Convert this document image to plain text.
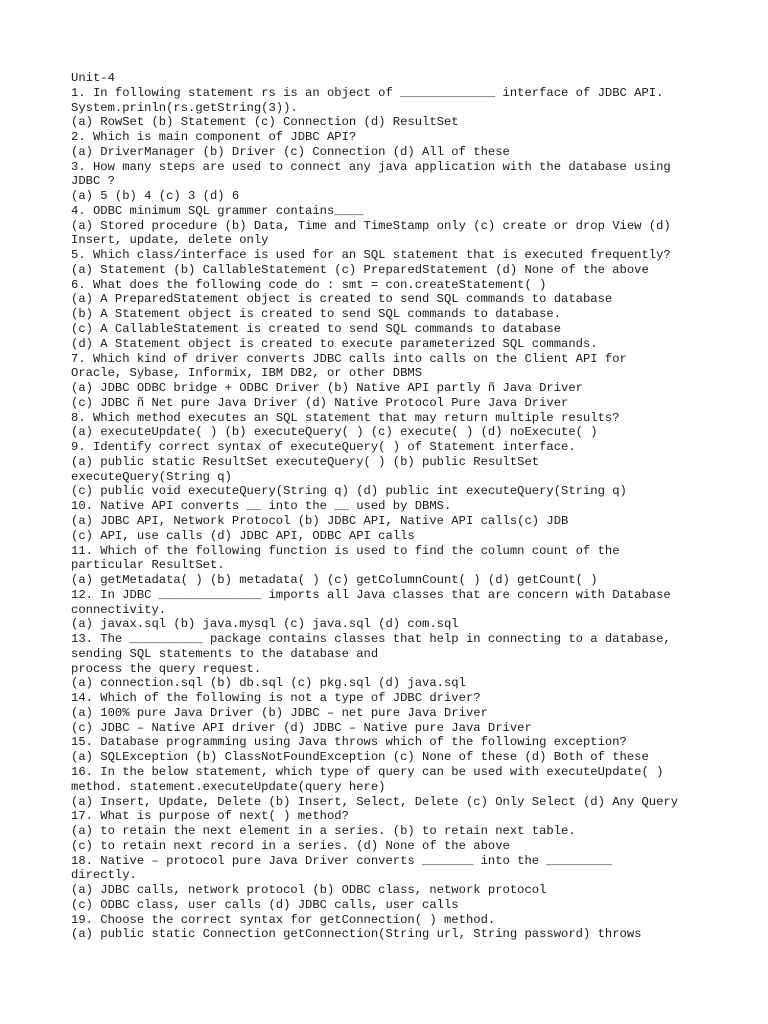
Unit-4
1. In following statement rs is an object of _____________ interface of JDBC API.
System.prinln(rs.getString(3)).
(a) RowSet (b) Statement (c) Connection (d) ResultSet
2. Which is main component of JDBC API?
(a) DriverManager (b) Driver (c) Connection (d) All of these
3. How many steps are used to connect any java application with the database using
JDBC ?
(a) 5 (b) 4 (c) 3 (d) 6
4. ODBC minimum SQL grammer contains____
(a) Stored procedure (b) Data, Time and TimeStamp only (c) create or drop View (d)
Insert, update, delete only
5. Which class/interface is used for an SQL statement that is executed frequently?
(a) Statement (b) CallableStatement (c) PreparedStatement (d) None of the above
6. What does the following code do : smt = con.createStatement( )
(a) A PreparedStatement object is created to send SQL commands to database
(b) A Statement object is created to send SQL commands to database.
(c) A CallableStatement is created to send SQL commands to database
(d) A Statement object is created to execute parameterized SQL commands.
7. Which kind of driver converts JDBC calls into calls on the Client API for
Oracle, Sybase, Informix, IBM DB2, or other DBMS
(a) JDBC ODBC bridge + ODBC Driver (b) Native API partly ñ Java Driver
(c) JDBC ñ Net pure Java Driver (d) Native Protocol Pure Java Driver
8. Which method executes an SQL statement that may return multiple results?
(a) executeUpdate( ) (b) executeQuery( ) (c) execute( ) (d) noExecute( )
9. Identify correct syntax of executeQuery( ) of Statement interface.
(a) public static ResultSet executeQuery( ) (b) public ResultSet
executeQuery(String q)
(c) public void executeQuery(String q) (d) public int executeQuery(String q)
10. Native API converts __ into the __ used by DBMS.
(a) JDBC API, Network Protocol (b) JDBC API, Native API calls(c) JDB
(c) API, use calls (d) JDBC API, ODBC API calls
11. Which of the following function is used to find the column count of the
particular ResultSet.
(a) getMetadata( ) (b) metadata( ) (c) getColumnCount( ) (d) getCount( )
12. In JDBC ______________ imports all Java classes that are concern with Database
connectivity.
(a) javax.sql (b) java.mysql (c) java.sql (d) com.sql
13. The __________ package contains classes that help in connecting to a database,
sending SQL statements to the database and
process the query request.
(a) connection.sql (b) db.sql (c) pkg.sql (d) java.sql
14. Which of the following is not a type of JDBC driver?
(a) 100% pure Java Driver (b) JDBC – net pure Java Driver
(c) JDBC – Native API driver (d) JDBC – Native pure Java Driver
15. Database programming using Java throws which of the following exception?
(a) SQLException (b) ClassNotFoundException (c) None of these (d) Both of these
16. In the below statement, which type of query can be used with executeUpdate( )
method. statement.executeUpdate(query here)
(a) Insert, Update, Delete (b) Insert, Select, Delete (c) Only Select (d) Any Query
17. What is purpose of next( ) method?
(a) to retain the next element in a series. (b) to retain next table.
(c) to retain next record in a series. (d) None of the above
18. Native – protocol pure Java Driver converts _______ into the _________
directly.
(a) JDBC calls, network protocol (b) ODBC class, network protocol
(c) ODBC class, user calls (d) JDBC calls, user calls
19. Choose the correct syntax for getConnection( ) method.
(a) public static Connection getConnection(String url, String password) throws
